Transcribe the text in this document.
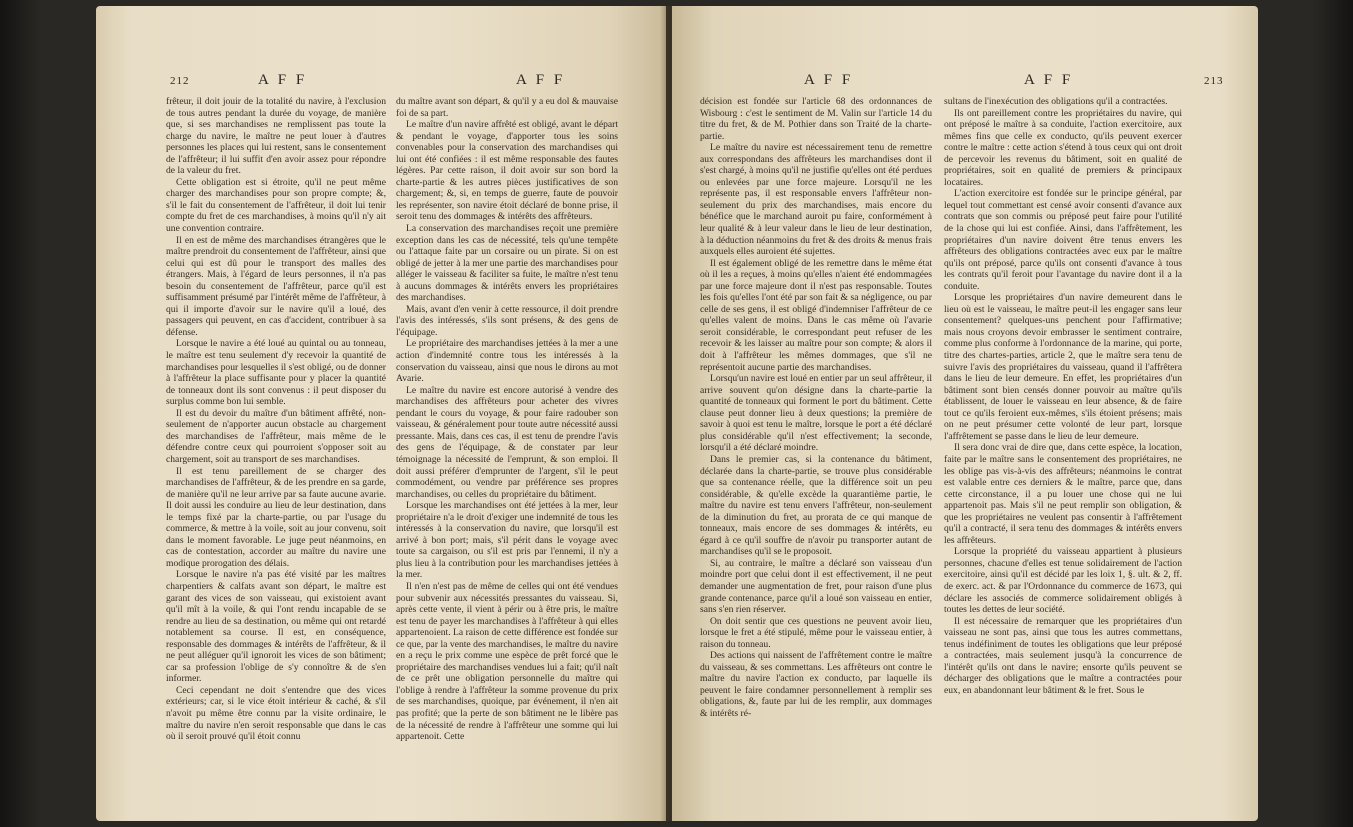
212	A F F	A F F

frêteur, il doit jouir de la totalité du navire, à l'exclusion de tous autres pendant la durée du voyage, de manière que, si ses marchandises ne remplissent pas toute la charge du navire, le maître ne peut louer à d'autres personnes les places qui lui restent, sans le consentement de l'affrêteur; il lui suffit d'en avoir assez pour répondre de la valeur du fret.

Cette obligation est si étroite, qu'il ne peut même charger des marchandises pour son propre compte; &, s'il le fait du consentement de l'affrêteur, il doit lui tenir compte du fret de ces marchandises, à moins qu'il n'y ait une convention contraire.

Il en est de même des marchandises étrangères que le maître prendroit du consentement de l'affrêteur, ainsi que celui qui est dû pour le transport des malles des étrangers. Mais, à l'égard de leurs personnes, il n'a pas besoin du consentement de l'affrêteur, parce qu'il est suffisamment présumé par l'intérêt même de l'affrêteur, à qui il importe d'avoir sur le navire qu'il a loué, des passagers qui peuvent, en cas d'accident, contribuer à sa défense.

Lorsque le navire a été loué au quintal ou au tonneau, le maître est tenu seulement d'y recevoir la quantité de marchandises pour lesquelles il s'est obligé, ou de donner à l'affrêteur la place suffisante pour y placer la quantité de tonneaux dont ils sont convenus : il peut disposer du surplus comme bon lui semble.

Il est du devoir du maître d'un bâtiment affrêté, non-seulement de n'apporter aucun obstacle au chargement des marchandises de l'affrêteur, mais même de le défendre contre ceux qui pourroient s'opposer soit au chargement, soit au transport de ses marchandises.

Il est tenu pareillement de se charger des marchandises de l'affrêteur, & de les prendre en sa garde, de manière qu'il ne leur arrive par sa faute aucune avarie. Il doit aussi les conduire au lieu de leur destination, dans le temps fixé par la charte-partie, ou par l'usage du commerce, & mettre à la voile, soit au jour convenu, soit dans le moment favorable. Le juge peut néanmoins, en cas de contestation, accorder au maître du navire une modique prorogation des délais.

Lorsque le navire n'a pas été visité par les maîtres charpentiers & calfats avant son départ, le maître est garant des vices de son vaisseau, qui existoient avant qu'il mît à la voile, & qui l'ont rendu incapable de se rendre au lieu de sa destination, ou même qui ont retardé notablement sa course. Il est, en conséquence, responsable des dommages & intérêts de l'affrêteur, & il ne peut alléguer qu'il ignoroit les vices de son bâtiment; car sa profession l'oblige de s'y connoître & de s'en informer.

Ceci cependant ne doit s'entendre que des vices extérieurs; car, si le vice étoit intérieur & caché, & s'il n'avoit pu même être connu par la visite ordinaire, le maître du navire n'en seroit responsable que dans le cas où il seroit prouvé qu'il étoit connu

du maître avant son départ, & qu'il y a eu dol & mauvaise foi de sa part.

Le maître d'un navire affrêté est obligé, avant le départ & pendant le voyage, d'apporter tous les soins convenables pour la conservation des marchandises qui lui ont été confiées : il est même responsable des fautes légères. Par cette raison, il doit avoir sur son bord la charte-partie & les autres pièces justificatives de son chargement; &, si, en temps de guerre, faute de pouvoir les représenter, son navire étoit déclaré de bonne prise, il seroit tenu des dommages & intérêts des affrêteurs.

La conservation des marchandises reçoit une première exception dans les cas de nécessité, tels qu'une tempête ou l'attaque faite par un corsaire ou un pirate. Si on est obligé de jetter à la mer une partie des marchandises pour alléger le vaisseau & faciliter sa fuite, le maître n'est tenu à aucuns dommages & intérêts envers les propriétaires des marchandises.

Mais, avant d'en venir à cette ressource, il doit prendre l'avis des intéressés, s'ils sont présens, & des gens de l'équipage.

Le propriétaire des marchandises jettées à la mer a une action d'indemnité contre tous les intéressés à la conservation du vaisseau, ainsi que nous le dirons au mot Avarie.

Le maître du navire est encore autorisé à vendre des marchandises des affrêteurs pour acheter des vivres pendant le cours du voyage, & pour faire radouber son vaisseau, & généralement pour toute autre nécessité aussi pressante. Mais, dans ces cas, il est tenu de prendre l'avis des gens de l'équipage, & de constater par leur témoignage la nécessité de l'emprunt, & son emploi. Il doit aussi préférer d'emprunter de l'argent, s'il le peut commodément, ou vendre par préférence ses propres marchandises, ou celles du propriétaire du bâtiment.

Lorsque les marchandises ont été jettées à la mer, leur propriétaire n'a le droit d'exiger une indemnité de tous les intéressés à la conservation du navire, que lorsqu'il est arrivé à bon port; mais, s'il périt dans le voyage avec toute sa cargaison, ou s'il est pris par l'ennemi, il n'y a plus lieu à la contribution pour les marchandises jettées à la mer.

Il n'en n'est pas de même de celles qui ont été vendues pour subvenir aux nécessités pressantes du vaisseau. Si, après cette vente, il vient à périr ou à être pris, le maître est tenu de payer les marchandises à l'affrêteur à qui elles appartenoient. La raison de cette différence est fondée sur ce que, par la vente des marchandises, le maître du navire en a reçu le prix comme une espèce de prêt forcé que le propriétaire des marchandises vendues lui a fait; qu'il naît de ce prêt une obligation personnelle du maître qui l'oblige à rendre à l'affrêteur la somme provenue du prix de ses marchandises, quoique, par événement, il n'en ait pas profité; que la perte de son bâtiment ne le libère pas de la nécessité de rendre à l'affrêteur une somme qui lui appartenoit. Cette

A F F	A F F	213

décision est fondée sur l'article 68 des ordonnances de Wisbourg : c'est le sentiment de M. Valin sur l'article 14 du titre du fret, & de M. Pothier dans son Traité de la charte-partie.

Le maître du navire est nécessairement tenu de remettre aux correspondans des affrêteurs les marchandises dont il s'est chargé, à moins qu'il ne justifie qu'elles ont été perdues ou enlevées par une force majeure. Lorsqu'il ne les représente pas, il est responsable envers l'affrêteur non-seulement du prix des marchandises, mais encore du bénéfice que le marchand auroit pu faire, conformément à leur qualité & à leur valeur dans le lieu de leur destination, à la déduction néanmoins du fret & des droits & menus frais auxquels elles auroient été sujettes.

Il est également obligé de les remettre dans le même état où il les a reçues, à moins qu'elles n'aient été endommagées par une force majeure dont il n'est pas responsable. Toutes les fois qu'elles l'ont été par son fait & sa négligence, ou par celle de ses gens, il est obligé d'indemniser l'affrêteur de ce qu'elles valent de moins. Dans le cas même où l'avarie seroit considérable, le correspondant peut refuser de les recevoir & les laisser au maître pour son compte; & alors il doit à l'affrêteur les mêmes dommages, que s'il ne représentoit aucune partie des marchandises.

Lorsqu'un navire est loué en entier par un seul affrêteur, il arrive souvent qu'on désigne dans la charte-partie la quantité de tonneaux qui forment le port du bâtiment. Cette clause peut donner lieu à deux questions; la première de savoir à quoi est tenu le maître, lorsque le port a été déclaré plus considérable qu'il n'est effectivement; la seconde, lorsqu'il a été déclaré moindre.

Dans le premier cas, si la contenance du bâtiment, déclarée dans la charte-partie, se trouve plus considérable que sa contenance réelle, que la différence soit un peu considérable, & qu'elle excède la quarantième partie, le maître du navire est tenu envers l'affrêteur, non-seulement de la diminution du fret, au prorata de ce qui manque de tonneaux, mais encore de ses dommages & intérêts, eu égard à ce qu'il souffre de n'avoir pu transporter autant de marchandises qu'il se le proposoit.

Si, au contraire, le maître a déclaré son vaisseau d'un moindre port que celui dont il est effectivement, il ne peut demander une augmentation de fret, pour raison d'une plus grande contenance, parce qu'il a loué son vaisseau en entier, sans s'en rien réserver.

On doit sentir que ces questions ne peuvent avoir lieu, lorsque le fret a été stipulé, même pour le vaisseau entier, à raison du tonneau.

Des actions qui naissent de l'affrêtement contre le maître du vaisseau, & ses commettans. Les affrêteurs ont contre le maître du navire l'action ex conducto, par laquelle ils peuvent le faire condamner personnellement à remplir ses obligations, &, faute par lui de les remplir, aux dommages & intérêts ré-

sultans de l'inexécution des obligations qu'il a contractées.

Ils ont pareillement contre les propriétaires du navire, qui ont préposé le maître à sa conduite, l'action exercitoire, aux mêmes fins que celle ex conducto, qu'ils peuvent exercer contre le maître : cette action s'étend à tous ceux qui ont droit de percevoir les revenus du bâtiment, soit en qualité de propriétaires, soit en qualité de premiers & principaux locataires.

L'action exercitoire est fondée sur le principe général, par lequel tout commettant est censé avoir consenti d'avance aux contrats que son commis ou préposé peut faire pour l'utilité de la chose qui lui est confiée. Ainsi, dans l'affrêtement, les propriétaires d'un navire doivent être tenus envers les affrêteurs des obligations contractées avec eux par le maître qu'ils ont préposé, parce qu'ils ont consenti d'avance à tous les contrats qu'il feroit pour l'avantage du navire dont il a la conduite.

Lorsque les propriétaires d'un navire demeurent dans le lieu où est le vaisseau, le maître peut-il les engager sans leur consentement? quelques-uns penchent pour l'affirmative; mais nous croyons devoir embrasser le sentiment contraire, comme plus conforme à l'ordonnance de la marine, qui porte, titre des chartes-parties, article 2, que le maître sera tenu de suivre l'avis des propriétaires du vaisseau, quand il l'affrêtera dans le lieu de leur demeure. En effet, les propriétaires d'un bâtiment sont bien censés donner pouvoir au maître qu'ils établissent, de louer le vaisseau en leur absence, & de faire tout ce qu'ils feroient eux-mêmes, s'ils étoient présens; mais on ne peut présumer cette volonté de leur part, lorsque l'affrêtement se passe dans le lieu de leur demeure.

Il sera donc vrai de dire que, dans cette espèce, la location, faite par le maître sans le consentement des propriétaires, ne les oblige pas vis-à-vis des affrêteurs; néanmoins le contrat est valable entre ces derniers & le maître, parce que, dans cette circonstance, il a pu louer une chose qui ne lui appartenoit pas. Mais s'il ne peut remplir son obligation, & que les propriétaires ne veulent pas consentir à l'affrêtement qu'il a contracté, il sera tenu des dommages & intérêts envers les affrêteurs.

Lorsque la propriété du vaisseau appartient à plusieurs personnes, chacune d'elles est tenue solidairement de l'action exercitoire, ainsi qu'il est décidé par les loix 1, §. ult. & 2, ff. de exerc. act. & par l'Ordonnance du commerce de 1673, qui déclare les associés de commerce solidairement obligés à toutes les dettes de leur société.

Il est nécessaire de remarquer que les propriétaires d'un vaisseau ne sont pas, ainsi que tous les autres commettans, tenus indéfiniment de toutes les obligations que leur préposé a contractées, mais seulement jusqu'à la concurrence de l'intérêt qu'ils ont dans le navire; ensorte qu'ils peuvent se décharger des obligations que le maître a contractées pour eux, en abandonnant leur bâtiment & le fret. Sous le
